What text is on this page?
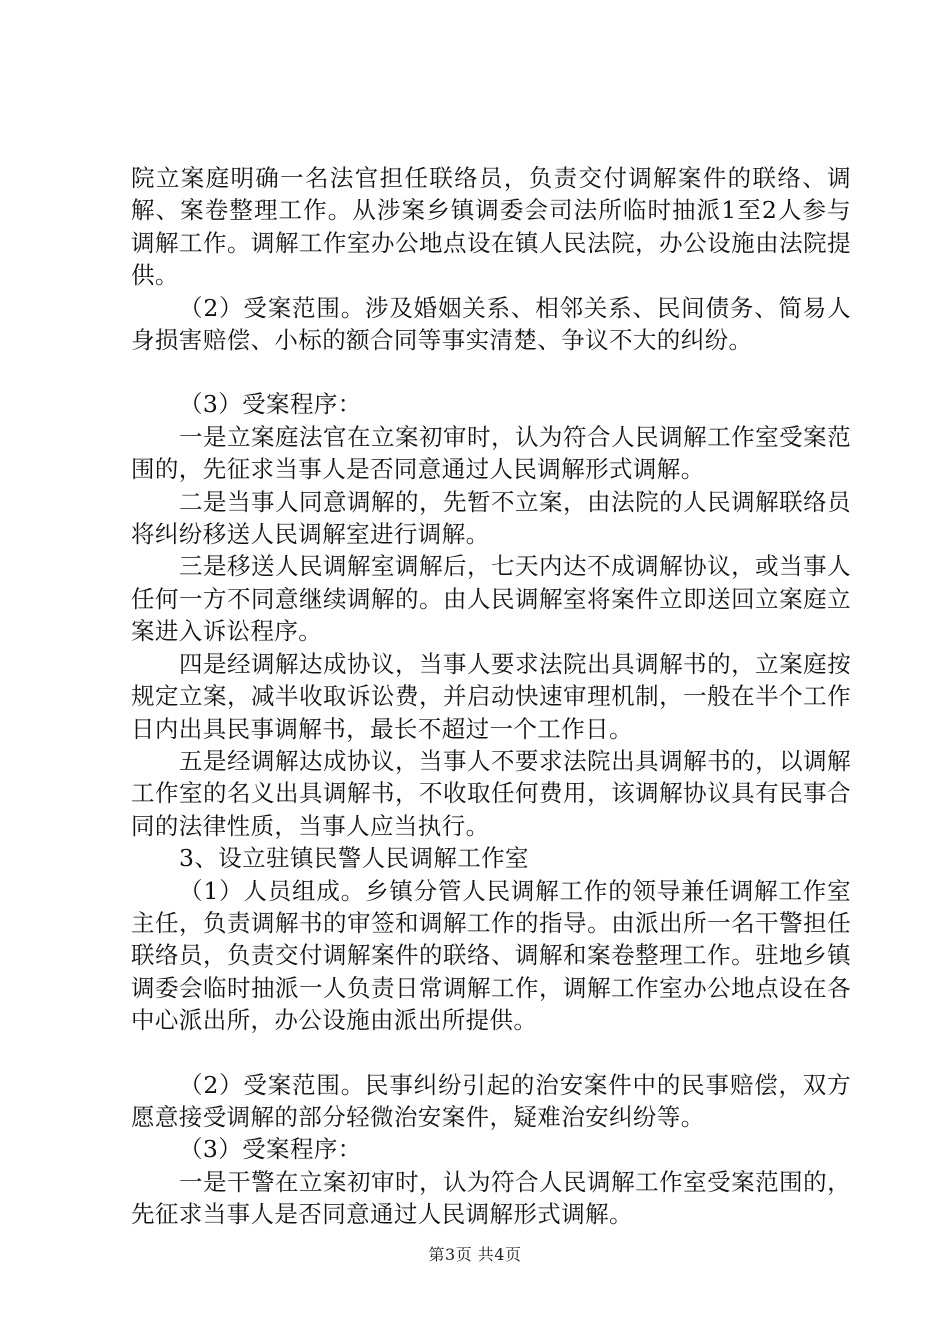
院立案庭明确一名法官担任联络员，负责交付调解案件的联络、调解、案卷整理工作。从涉案乡镇调委会司法所临时抽派1至2人参与调解工作。调解工作室办公地点设在镇人民法院，办公设施由法院提供。

（2）受案范围。涉及婚姻关系、相邻关系、民间债务、简易人身损害赔偿、小标的额合同等事实清楚、争议不大的纠纷。

（3）受案程序：

一是立案庭法官在立案初审时，认为符合人民调解工作室受案范围的，先征求当事人是否同意通过人民调解形式调解。

二是当事人同意调解的，先暂不立案，由法院的人民调解联络员将纠纷移送人民调解室进行调解。

三是移送人民调解室调解后，七天内达不成调解协议，或当事人任何一方不同意继续调解的。由人民调解室将案件立即送回立案庭立案进入诉讼程序。

四是经调解达成协议，当事人要求法院出具调解书的，立案庭按规定立案，减半收取诉讼费，并启动快速审理机制，一般在半个工作日内出具民事调解书，最长不超过一个工作日。

五是经调解达成协议，当事人不要求法院出具调解书的，以调解工作室的名义出具调解书，不收取任何费用，该调解协议具有民事合同的法律性质，当事人应当执行。

3、设立驻镇民警人民调解工作室

（1）人员组成。乡镇分管人民调解工作的领导兼任调解工作室主任，负责调解书的审签和调解工作的指导。由派出所一名干警担任联络员，负责交付调解案件的联络、调解和案卷整理工作。驻地乡镇调委会临时抽派一人负责日常调解工作，调解工作室办公地点设在各中心派出所，办公设施由派出所提供。

（2）受案范围。民事纠纷引起的治安案件中的民事赔偿，双方愿意接受调解的部分轻微治安案件，疑难治安纠纷等。

（3）受案程序：

一是干警在立案初审时，认为符合人民调解工作室受案范围的，先征求当事人是否同意通过人民调解形式调解。

第3页 共4页
